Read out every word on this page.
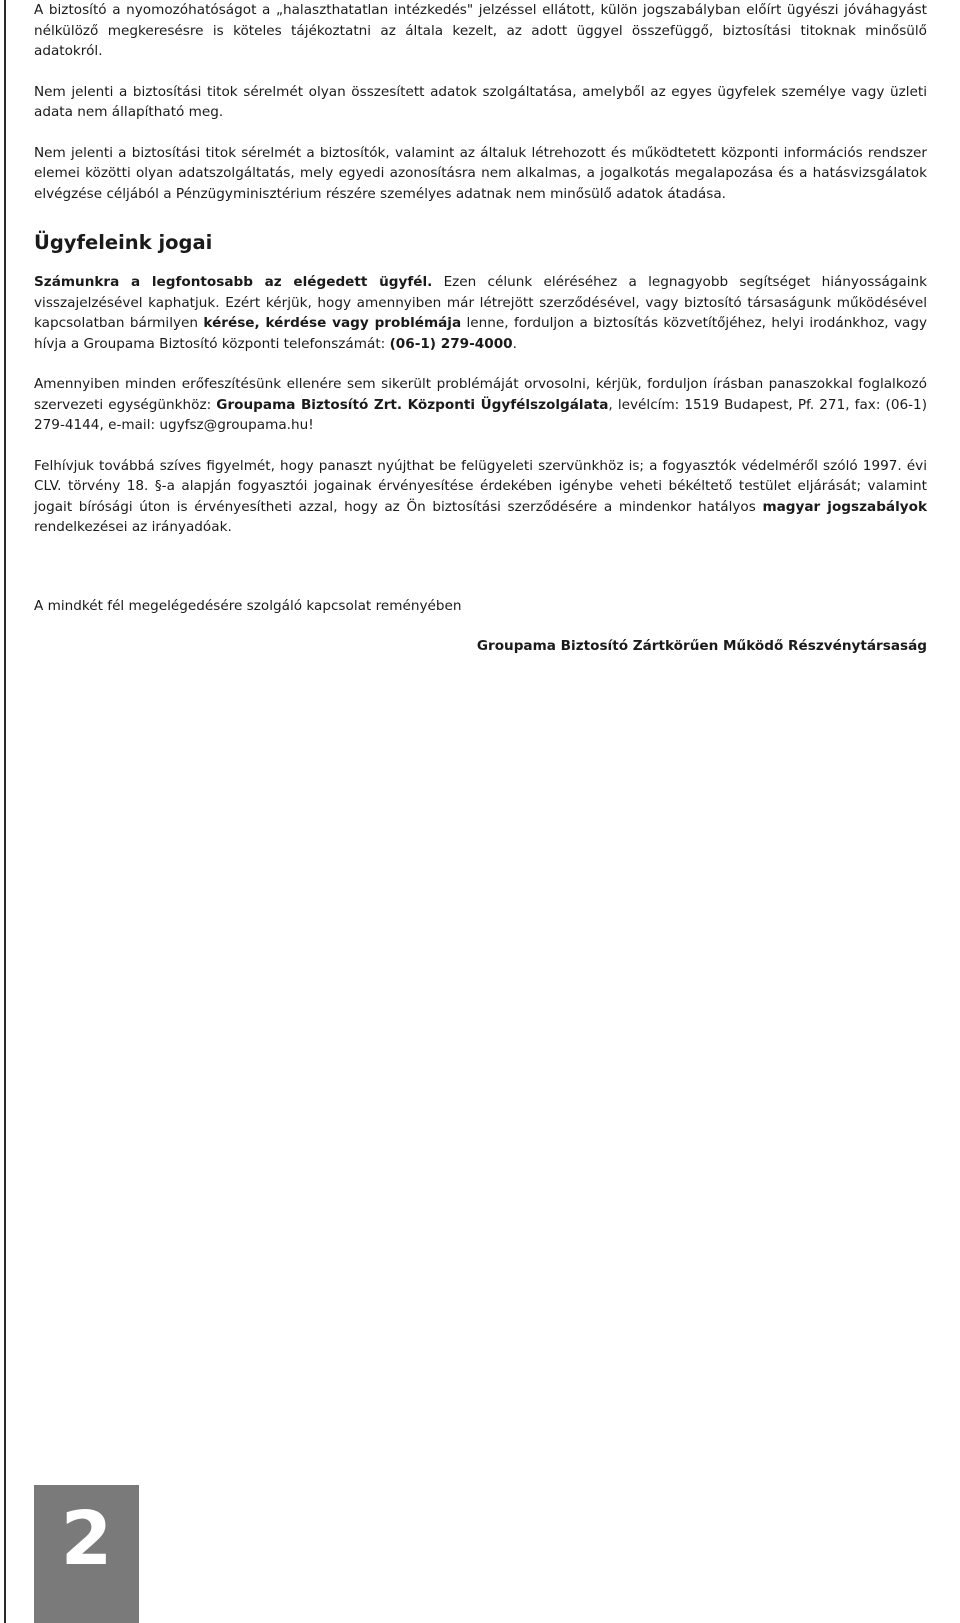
A biztosító a nyomozóhatóságot a „halaszthatatlan intézkedés" jelzéssel ellátott, külön jogszabályban előírt ügyészi jóváhagyást nélkülöző megkeresésre is köteles tájékoztatni az általa kezelt, az adott üggyel összefüggő, biztosítási titoknak minősülő adatokról.

Nem jelenti a biztosítási titok sérelmét olyan összesített adatok szolgáltatása, amelyből az egyes ügyfelek személye vagy üzleti adata nem állapítható meg.

Nem jelenti a biztosítási titok sérelmét a biztosítók, valamint az általuk létrehozott és működtetett központi információs rendszer elemei közötti olyan adatszolgáltatás, mely egyedi azonosításra nem alkalmas, a jogalkotás megalapozása és a hatásvizsgálatok elvégzése céljából a Pénzügyminisztérium részére személyes adatnak nem minősülő adatok átadása.

Ügyfeleink jogai

Számunkra a legfontosabb az elégedett ügyfél. Ezen célunk eléréséhez a legnagyobb segítséget hiányosságaink visszajelzésével kaphatjuk. Ezért kérjük, hogy amennyiben már létrejött szerződésével, vagy biztosító társaságunk működésével kapcsolatban bármilyen kérése, kérdése vagy problémája lenne, forduljon a biztosítás közvetítőjéhez, helyi irodánkhoz, vagy hívja a Groupama Biztosító központi telefonszámát: (06-1) 279-4000.

Amennyiben minden erőfeszítésünk ellenére sem sikerült problémáját orvosolni, kérjük, forduljon írásban panaszokkal foglalkozó szervezeti egységünkhöz: Groupama Biztosító Zrt. Központi Ügyfélszolgálata, levélcím: 1519 Budapest, Pf. 271, fax: (06-1) 279-4144, e-mail: ugyfsz@groupama.hu!

Felhívjuk továbbá szíves figyelmét, hogy panaszt nyújthat be felügyeleti szervünkhöz is; a fogyasztók védelméről szóló 1997. évi CLV. törvény 18. §-a alapján fogyasztói jogainak érvényesítése érdekében igénybe veheti békéltető testület eljárását; valamint jogait bírósági úton is érvényesítheti azzal, hogy az Ön biztosítási szerződésére a mindenkor hatályos magyar jogszabályok rendelkezései az irányadóak.

A mindkét fél megelégedésére szolgáló kapcsolat reményében

Groupama Biztosító Zártkörűen Működő Részvénytársaság

2
